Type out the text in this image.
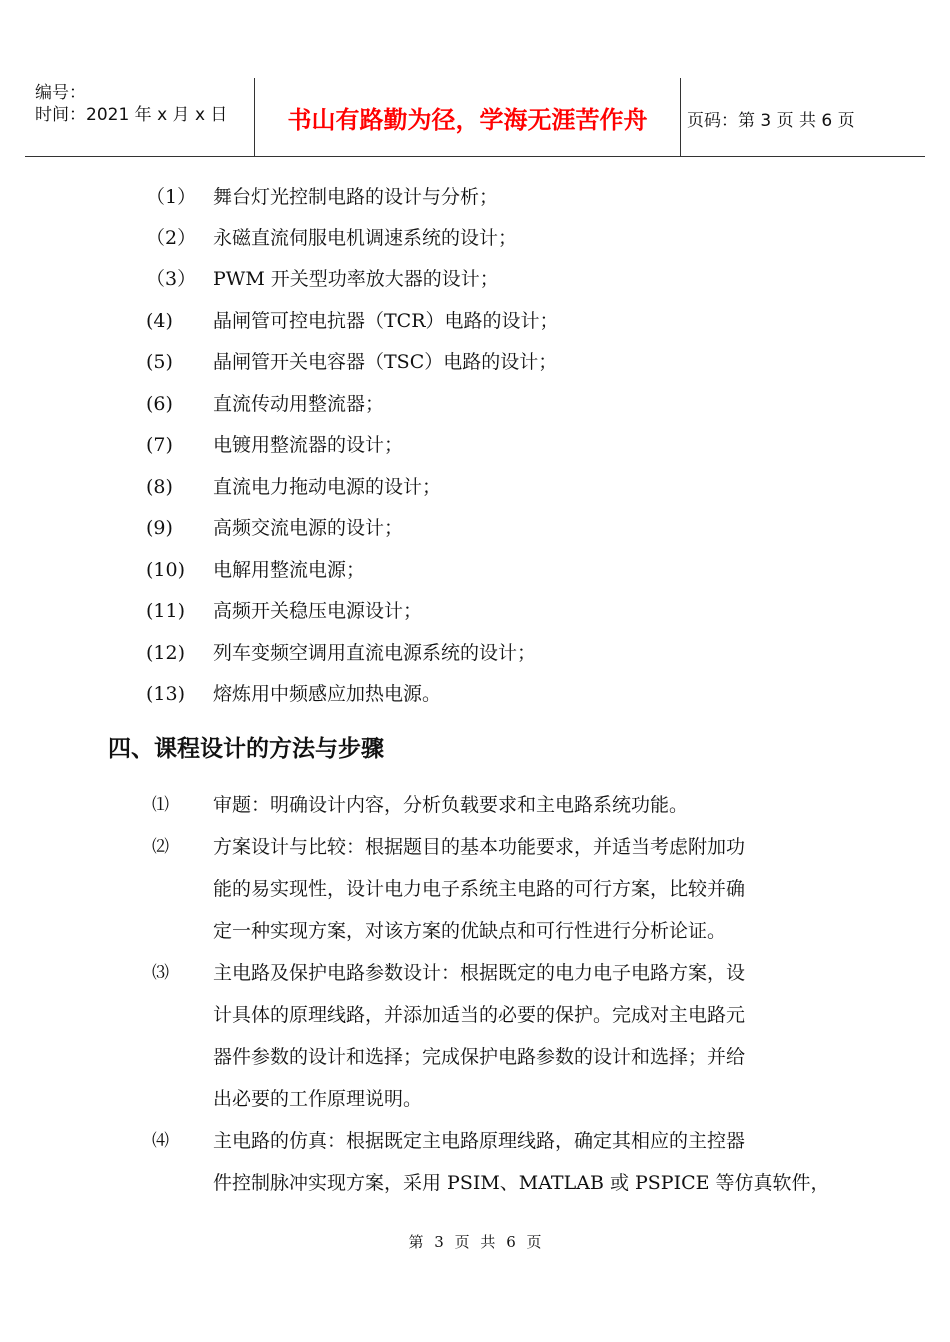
编号：
时间：2021 年 x 月 x 日	书山有路勤为径，学海无涯苦作舟	页码：第 3 页 共 6 页
（1） 舞台灯光控制电路的设计与分析；
（2） 永磁直流伺服电机调速系统的设计；
（3） PWM 开关型功率放大器的设计；
(4)	晶闸管可控电抗器（TCR）电路的设计；
(5)	晶闸管开关电容器（TSC）电路的设计；
(6)	直流传动用整流器；
(7)	电镀用整流器的设计；
(8)	直流电力拖动电源的设计；
(9)	高频交流电源的设计；
(10)	电解用整流电源；
(11)	高频开关稳压电源设计；
(12)	列车变频空调用直流电源系统的设计；
(13)	熔炼用中频感应加热电源。
四、课程设计的方法与步骤
⑴	审题：明确设计内容，分析负载要求和主电路系统功能。
⑵	方案设计与比较：根据题目的基本功能要求，并适当考虑附加功
能的易实现性，设计电力电子系统主电路的可行方案，比较并确
定一种实现方案，对该方案的优缺点和可行性进行分析论证。
⑶	主电路及保护电路参数设计：根据既定的电力电子电路方案，设
计具体的原理线路，并添加适当的必要的保护。完成对主电路元
器件参数的设计和选择；完成保护电路参数的设计和选择；并给
出必要的工作原理说明。
⑷	主电路的仿真：根据既定主电路原理线路，确定其相应的主控器
件控制脉冲实现方案，采用 PSIM、MATLAB 或 PSPICE 等仿真软件，
第 3 页 共 6 页
